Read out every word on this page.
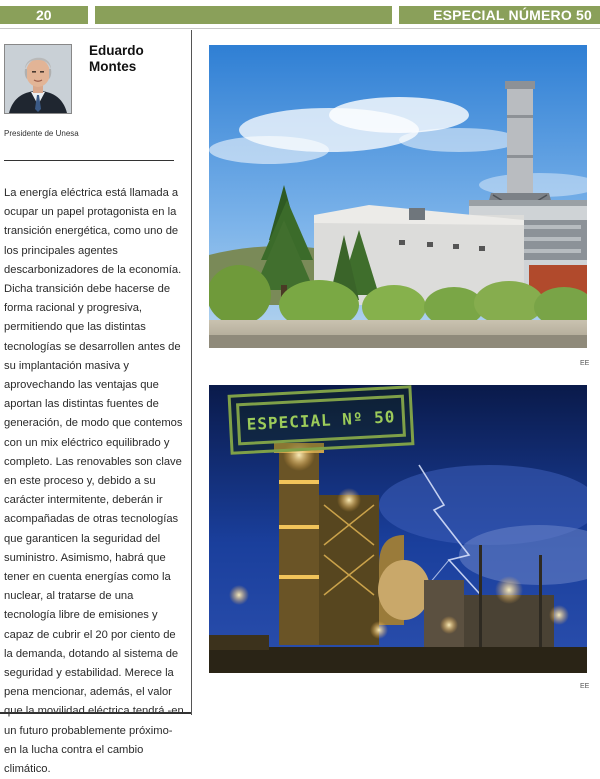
20	ESPECIAL NÚMERO 50
Eduardo Montes
Presidente de Unesa

La energía eléctrica está llamada a ocupar un papel protagonista en la transición energética, como uno de los principales agentes descarbonizadores de la economía. Dicha transición debe hacerse de forma racional y progresiva, permitiendo que las distintas tecnologías se desarrollen antes de su implantación masiva y aprovechando las ventajas que aportan las distintas fuentes de generación, de modo que contemos con un mix eléctrico equilibrado y completo. Las renovables son clave en este proceso y, debido a su carácter intermitente, deberán ir acompañadas de otras tecnologías que garanticen la seguridad del suministro. Asimismo, habrá que tener en cuenta energías como la nuclear, al tratarse de una tecnología libre de emisiones y capaz de cubrir el 20 por ciento de la demanda, dotando al sistema de seguridad y estabilidad. Merece la pena mencionar, además, el valor un futuro probablemente próximo- en la lucha contra el cambio climático.

EE
ESPECIAL Nº 50
EE
